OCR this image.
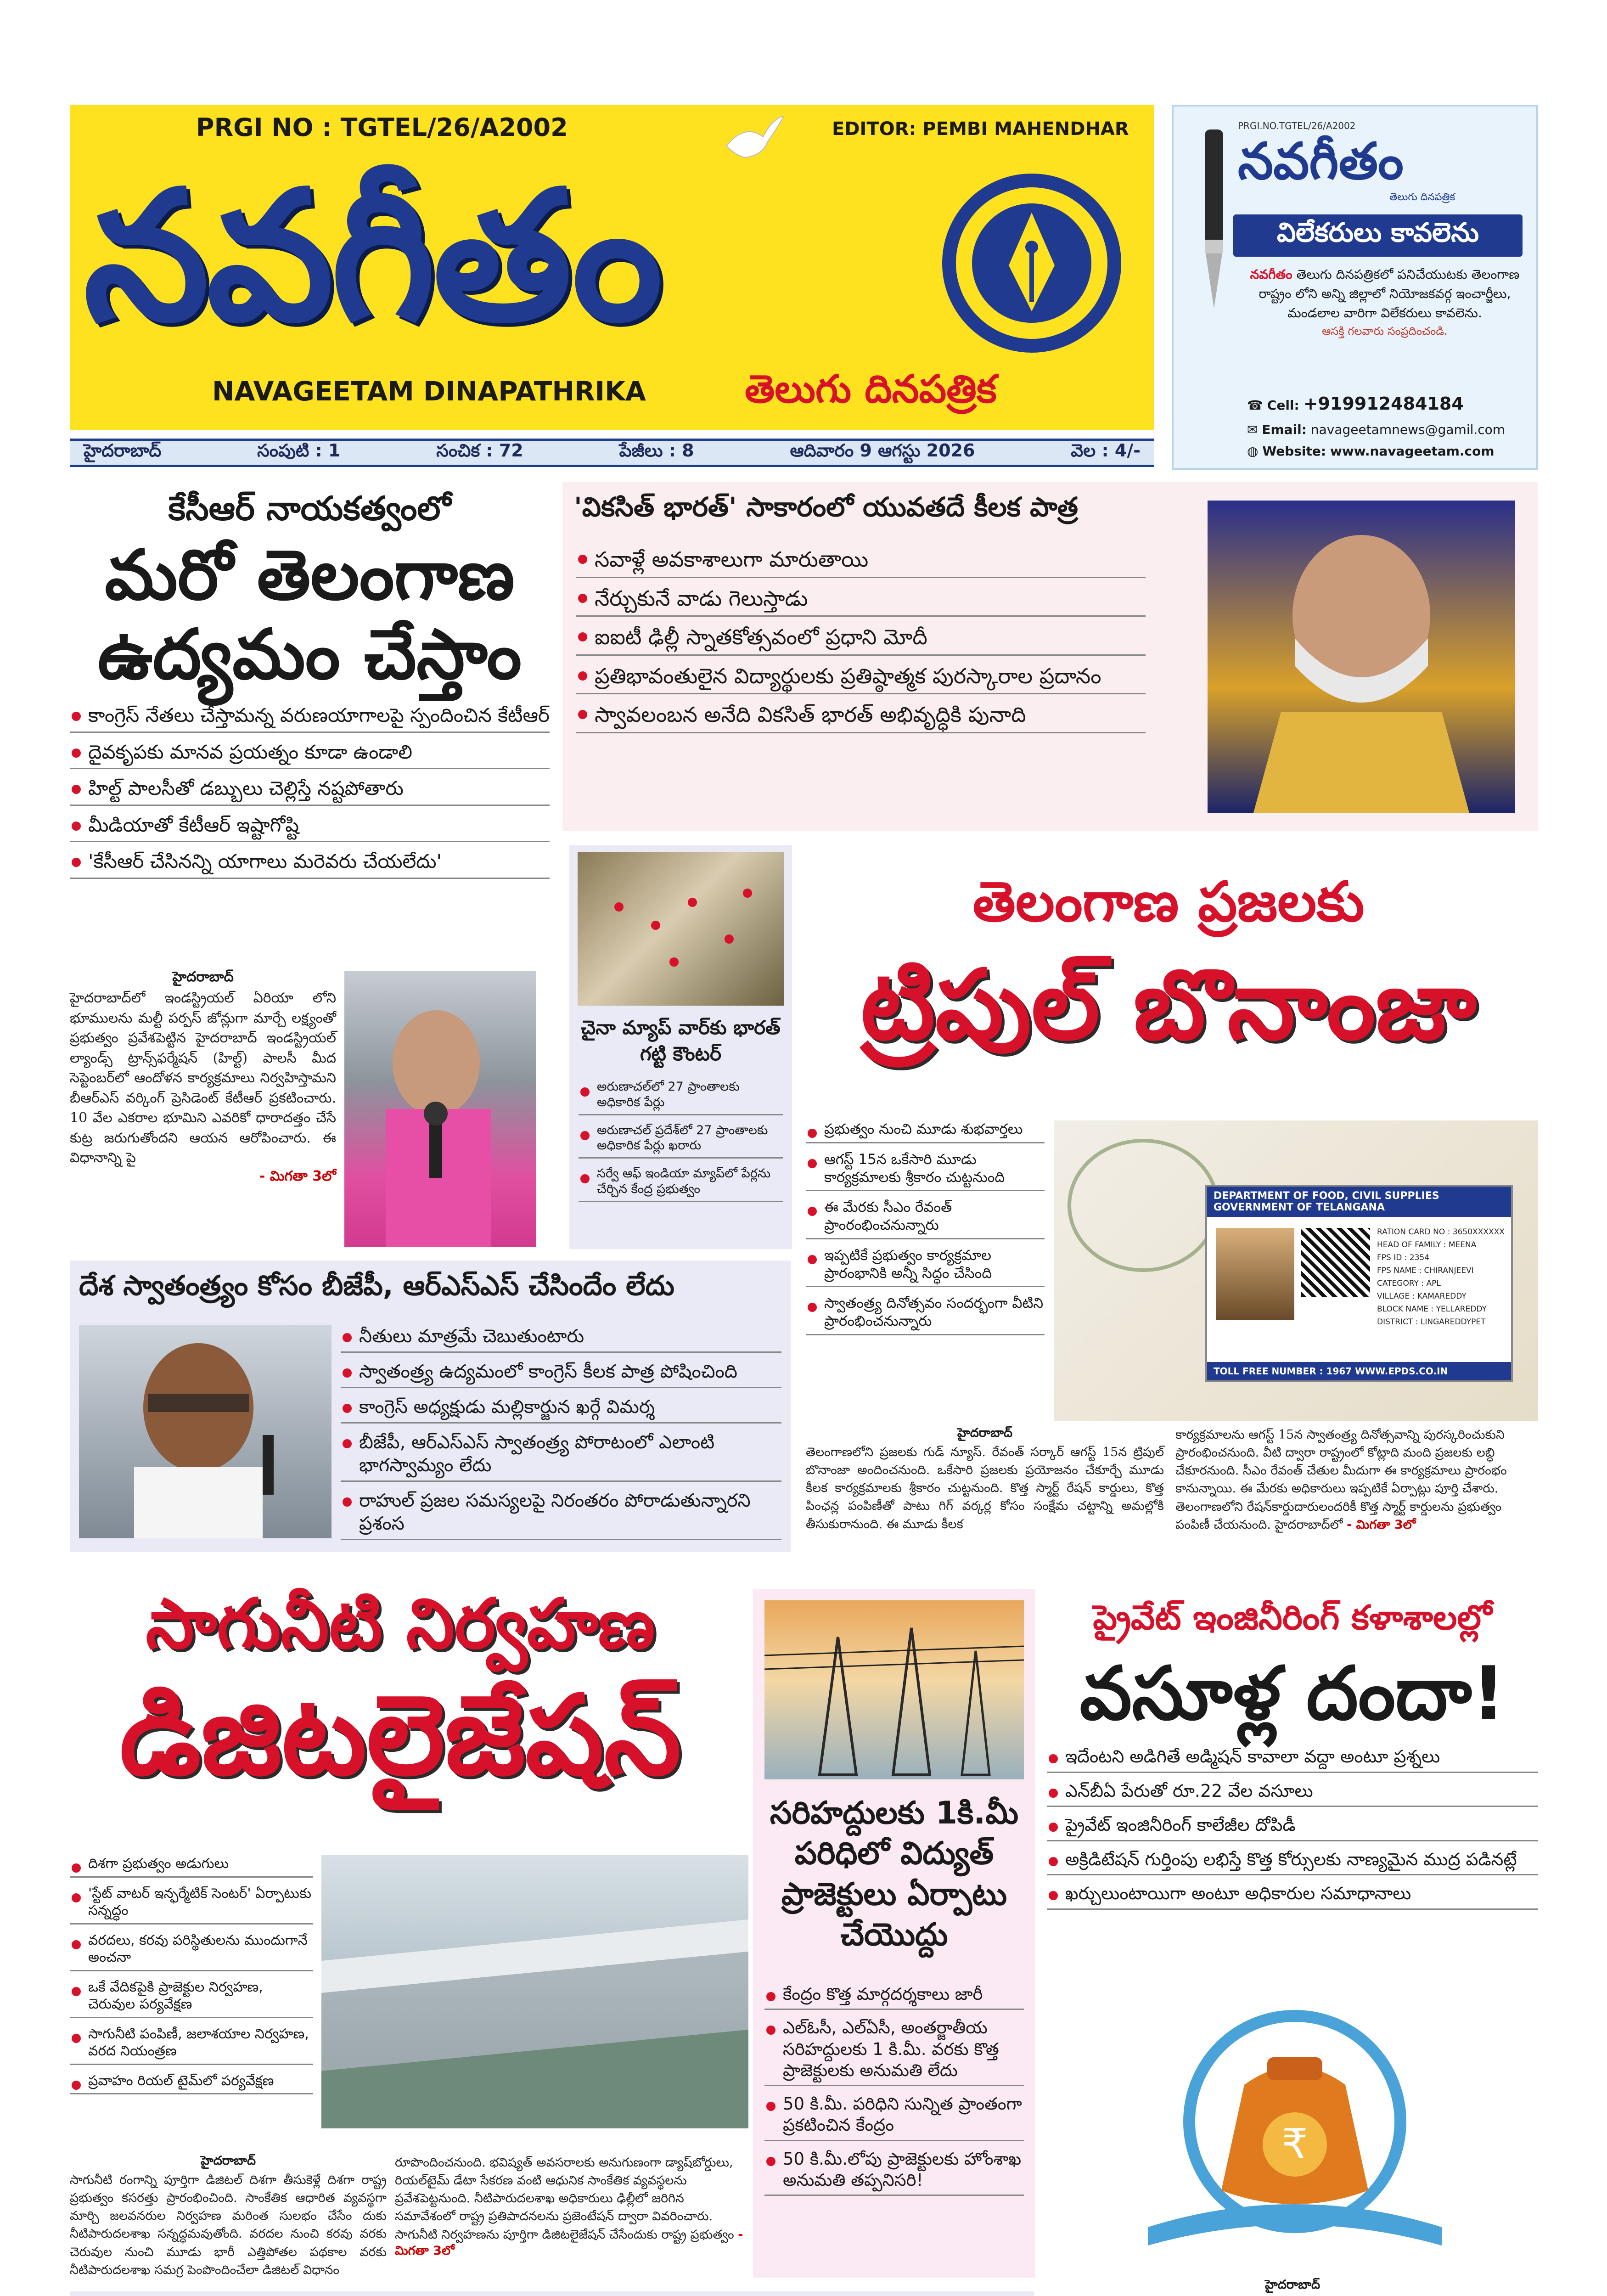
PRGI NO : TGTEL/26/A2002	EDITOR: PEMBI MAHENDHAR
నవగీతం
NAVAGEETAM DINAPATHRIKA	తెలుగు దినపత్రిక
PRGI.NO.TGTEL/26/A2002
నవగీతం
తెలుగు దినపత్రిక
విలేకరులు కావలెను
నవగీతం తెలుగు దినపత్రికలో పనిచేయుటకు తెలంగాణ రాష్ట్రం లోని అన్ని జిల్లాలో నియోజకవర్గ ఇంచార్జీలు, మండలాల వారిగా విలేకరులు కావలెను.
ఆసక్తి గలవారు సంప్రదించండి.
☎ Cell: +919912484184
✉ Email: navageetamnews@gamil.com
◍ Website: www.navageetam.com
హైదరాబాద్	సంపుటి : 1	సంచిక : 72	పేజీలు : 8	ఆదివారం 9 ఆగస్టు 2026	వెల : 4/-
కేసీఆర్ నాయకత్వంలో
మరో తెలంగాణ
ఉద్యమం చేస్తాం
కాంగ్రెస్ నేతలు చేస్తామన్న వరుణయాగాలపై స్పందించిన కేటీఆర్
దైవకృపకు మానవ ప్రయత్నం కూడా ఉండాలి
హిల్ట్ పాలసీతో డబ్బులు చెల్లిస్తే నష్టపోతారు
మీడియాతో కేటీఆర్ ఇష్టాగోష్టి
'కేసీఆర్ చేసినన్ని యాగాలు మరెవరు చేయలేదు'
హైదరాబాద్
హైదరాబాద్‌లో ఇండస్ట్రియల్ ఏరియా లోని భూములను మల్టీ పర్పస్ జోన్లుగా మార్చే లక్ష్యంతో ప్రభుత్వం ప్రవేశపెట్టిన హైదరాబాద్ ఇండస్ట్రియల్ ల్యాండ్స్ ట్రాన్స్‌ఫర్మేషన్ (హిల్ట్) పాలసీ మీద సెప్టెంబర్‌లో ఆందోళన కార్యక్రమాలు నిర్వహిస్తామని బీఆర్ఎస్ వర్కింగ్ ప్రెసిడెంట్ కేటీఆర్ ప్రకటించారు. 10 వేల ఎకరాల భూమిని ఎవరికో ధారాదత్తం చేసే కుట్ర జరుగుతోందని ఆయన ఆరోపించారు. ఈ విధానాన్ని పై
- మిగతా 3లో
'వికసిత్ భారత్' సాకారంలో యువతదే కీలక పాత్ర
సవాళ్లే అవకాశాలుగా మారుతాయి
నేర్చుకునే వాడు గెలుస్తాడు
ఐఐటీ ఢిల్లీ స్నాతకోత్సవంలో ప్రధాని మోదీ
ప్రతిభావంతులైన విద్యార్థులకు ప్రతిష్ఠాత్మక పురస్కారాల ప్రదానం
స్వావలంబన అనేది వికసిత్ భారత్ అభివృద్ధికి పునాది
చైనా మ్యాప్ వార్‌కు భారత్ గట్టి కౌంటర్
అరుణాచల్‌లో 27 ప్రాంతాలకు అధికారిక పేర్లు
అరుణాచల్ ప్రదేశ్‌లో 27 ప్రాంతాలకు అధికారిక పేర్లు ఖరారు
సర్వే ఆఫ్ ఇండియా మ్యాప్‌లో పేర్లను చేర్చిన కేంద్ర ప్రభుత్వం
తెలంగాణ ప్రజలకు
ట్రిపుల్ బొనాంజా
ప్రభుత్వం నుంచి మూడు శుభవార్తలు
ఆగస్ట్ 15న ఒకేసారి మూడు కార్యక్రమాలకు శ్రీకారం చుట్టనుంది
ఈ మేరకు సీఎం రేవంత్ ప్రాంరంభించనున్నారు
ఇప్పటికే ప్రభుత్వం కార్యక్రమాల ప్రారంభానికి అన్నీ సిద్ధం చేసింది
స్వాతంత్ర్య దినోత్సవం సందర్భంగా వీటిని ప్రారంభించనున్నారు
DEPARTMENT OF FOOD, CIVIL SUPPLIES
GOVERNMENT OF TELANGANA
RATION CARD NO : 3650XXXXXX
HEAD OF FAMILY : MEENA
FPS ID : 2354
FPS NAME : CHIRANJEEVI
CATEGORY : APL
VILLAGE : KAMAREDDY
BLOCK NAME : YELLAREDDY
DISTRICT : LINGAREDDYPET
TOLL FREE NUMBER : 1967 WWW.EPDS.CO.IN
హైదరాబాద్
తెలంగాణలోని ప్రజలకు గుడ్ న్యూస్. రేవంత్ సర్కార్ ఆగస్ట్ 15న ట్రిపుల్ బొనాంజా అందించనుంది. ఒకేసారి ప్రజలకు ప్రయోజనం చేకూర్చే మూడు కీలక కార్యక్రమాలకు శ్రీకారం చుట్టనుంది. కొత్త స్మార్ట్ రేషన్ కార్డులు, కొత్త పింఛన్ల పంపిణీతో పాటు గిగ్ వర్కర్ల కోసం సంక్షేమ చట్టాన్ని అమల్లోకి తీసుకురానుంది. ఈ మూడు కీలక
కార్యక్రమాలను ఆగస్ట్ 15న స్వాతంత్ర్య దినోత్సవాన్ని పురస్కరించుకుని ప్రారంభించనుంది. వీటి ద్వారా రాష్ట్రంలో కోట్లాది మంది ప్రజలకు లబ్ధి చేకూరనుంది. సీఎం రేవంత్ చేతుల మీదుగా ఈ కార్యక్రమాలు ప్రారంభం కానున్నాయి. ఈ మేరకు అధికారులు ఇప్పటికే ఏర్పాట్లు పూర్తి చేశారు. తెలంగాణలోని రేషన్‌కార్డుదారులందరికీ కొత్త స్మార్ట్ కార్డులను ప్రభుత్వం పంపిణీ చేయనుంది. హైదరాబాద్‌లో - మిగతా 3లో
దేశ స్వాతంత్ర్యం కోసం బీజేపీ, ఆర్ఎస్ఎస్ చేసిందేం లేదు
నీతులు మాత్రమే చెబుతుంటారు
స్వాతంత్ర్య ఉద్యమంలో కాంగ్రెస్ కీలక పాత్ర పోషించింది
కాంగ్రెస్ అధ్యక్షుడు మల్లికార్జున ఖర్గే విమర్శ
బీజేపీ, ఆర్ఎస్ఎస్ స్వాతంత్ర్య పోరాటంలో ఎలాంటి భాగస్వామ్యం లేదు
రాహుల్ ప్రజల సమస్యలపై నిరంతరం పోరాడుతున్నారని ప్రశంస
సాగునీటి నిర్వహణ
డిజిటలైజేషన్
దిశగా ప్రభుత్వం అడుగులు
'స్టేట్ వాటర్ ఇన్ఫర్మేటిక్ సెంటర్' ఏర్పాటుకు సన్నద్ధం
వరదలు, కరవు పరిస్థితులను ముందుగానే అంచనా
ఒకే వేదికపైకి ప్రాజెక్టుల నిర్వహణ, చెరువుల పర్యవేక్షణ
సాగునీటి పంపిణీ, జలాశయాల నిర్వహణ, వరద నియంత్రణ
ప్రవాహం రియల్ టైమ్‌లో పర్యవేక్షణ
హైదరాబాద్
సాగునీటి రంగాన్ని పూర్తిగా డిజిటల్ దిశగా తీసుకెళ్లే దిశగా రాష్ట్ర ప్రభుత్వం కసరత్తు ప్రారంభించింది. సాంకేతిక ఆధారిత వ్యవస్థగా మార్చి జలవనరుల నిర్వహణ మరింత సులభం చేసేం దుకు నీటిపారుదలశాఖ సన్నద్ధమవుతోంది. వరదల నుంచి కరవు వరకు చెరువుల నుంచి మూడు భారీ ఎత్తిపోతల పథకాల వరకు నీటిపారుదలశాఖ సమగ్ర పెంపొందించేలా డిజిటల్ విధానం
రూపొందించనుంది. భవిష్యత్ అవసరాలకు అనుగుణంగా డ్యాష్‌బోర్డులు, రియల్‌టైమ్ డేటా సేకరణ వంటి ఆధునిక సాంకేతిక వ్యవస్థలను ప్రవేశపెట్టనుంది. నీటిపారుదలశాఖ అధికారులు ఢిల్లీలో జరిగిన సమావేశంలో రాష్ట్ర ప్రతిపాదనలను ప్రజెంటేషన్ ద్వారా వివరించారు. సాగునీటి నిర్వహణను పూర్తిగా డిజిటలైజేషన్ చేసేందుకు రాష్ట్ర ప్రభుత్వం - మిగతా 3లో
సరిహద్దులకు 1కి.మీ పరిధిలో విద్యుత్ ప్రాజెక్టులు ఏర్పాటు చేయొద్దు
కేంద్రం కొత్త మార్గదర్శకాలు జారీ
ఎల్ఓసీ, ఎల్ఏసీ, అంతర్జాతీయ సరిహద్దులకు 1 కి.మీ. వరకు కొత్త ప్రాజెక్టులకు అనుమతి లేదు
50 కి.మీ. పరిధిని సున్నిత ప్రాంతంగా ప్రకటించిన కేంద్రం
50 కి.మీ.లోపు ప్రాజెక్టులకు హోంశాఖ అనుమతి తప్పనిసరి!
ప్రైవేట్ ఇంజినీరింగ్ కళాశాలల్లో
వసూళ్ల దందా!
ఇదేంటని అడిగితే అడ్మిషన్ కావాలా వద్దా అంటూ ప్రశ్నలు
ఎన్‌బీఏ పేరుతో రూ.22 వేల వసూలు
ప్రైవేట్ ఇంజినీరింగ్ కాలేజీల దోపిడీ
అక్రిడిటేషన్ గుర్తింపు లభిస్తే కొత్త కోర్సులకు నాణ్యమైన ముద్ర పడినట్లే
ఖర్చులుంటాయిగా అంటూ అధికారుల సమాధానాలు
₹
హైదరాబాద్
